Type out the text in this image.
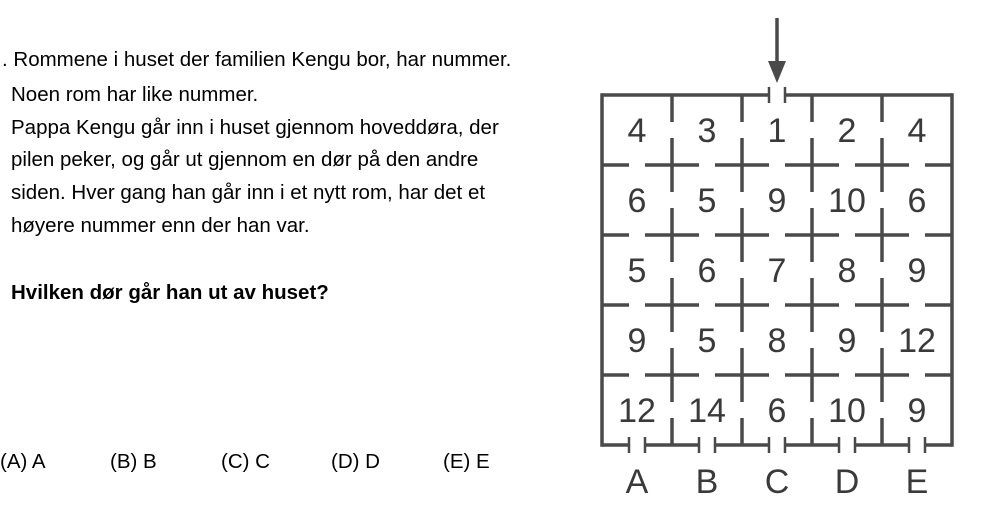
. Rommene i huset der familien Kengu bor, har nummer.
Noen rom har like nummer.
Pappa Kengu går inn i huset gjennom hoveddøra, der
pilen peker, og går ut gjennom en dør på den andre
siden. Hver gang han går inn i et nytt rom, har det et
høyere nummer enn der han var.
Hvilken dør går han ut av huset?
(A) A	(B) B	(C) C	(D) D	(E) E
4 3 1 2 4
6 5 9 10 6
5 6 7 8 9
9 5 8 9 12
12 14 6 10 9
A B C D E
